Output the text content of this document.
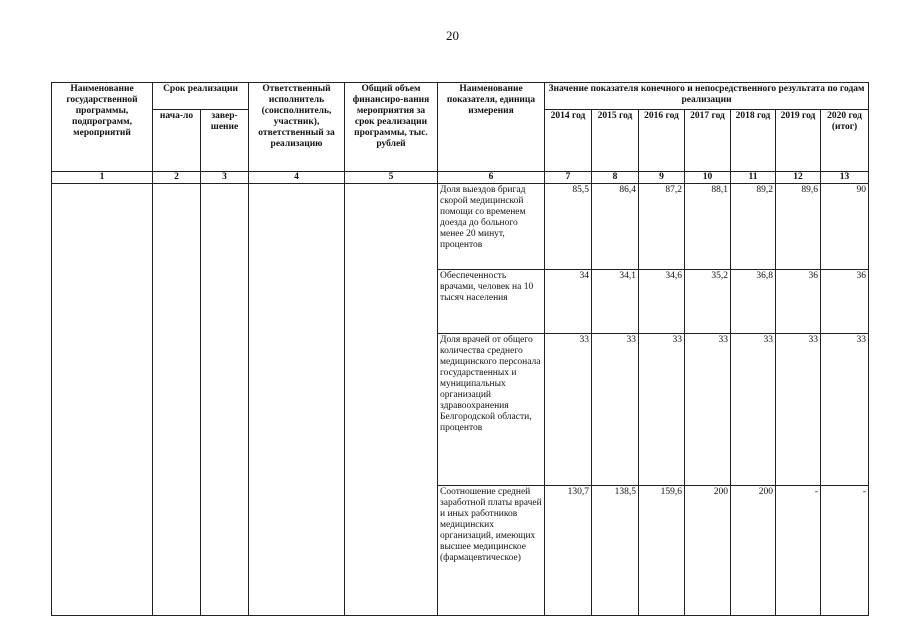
20
Наименование государственной программы, подпрограмм, мероприятий	Срок реализации		Ответственный исполнитель (соисполнитель, участник), ответственный за реализацию	Общий объем финансиро-вания мероприятия за срок реализации программы, тыс. рублей	Наименование показателя, единица измерения	Значение показателя конечного и непосредственного результата по годам реализации						
	нача-ло	завер-шение				2014 год	2015 год	2016 год	2017 год	2018 год	2019 год	2020 год (итог)
1	2	3	4	5	6	7	8	9	10	11	12	13
					Доля выездов бригад скорой медицинской помощи со временем доезда до больного менее 20 минут, процентов	85,5	86,4	87,2	88,1	89,2	89,6	90
					Обеспеченность врачами, человек на 10 тысяч населения	34	34,1	34,6	35,2	36,8	36	36
					Доля врачей от общего количества среднего медицинского персонала государственных и муниципальных организаций здравоохранения Белгородской области, процентов	33	33	33	33	33	33	33
					Соотношение средней заработной платы врачей и иных работников медицинских организаций, имеющих высшее медицинское (фармацевтическое)	130,7	138,5	159,6	200	200	-	-
